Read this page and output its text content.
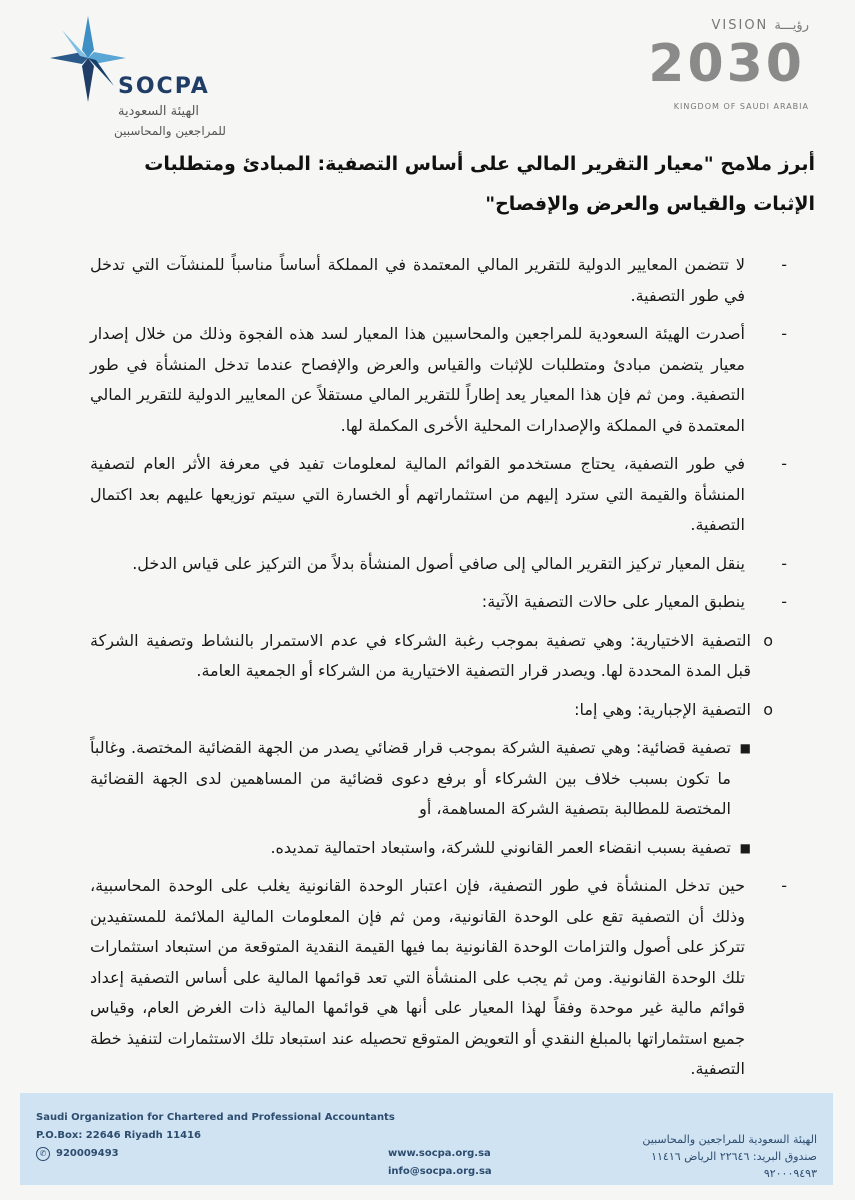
SOCPA
الهيئة السعودية
للمراجعين والمحاسبين
VISION رؤيـــة
2030
KINGDOM OF SAUDI ARABIA
أبرز ملامح "معيار التقرير المالي على أساس التصفية: المبادئ ومتطلبات الإثبات والقياس والعرض والإفصاح"
-
لا تتضمن المعايير الدولية للتقرير المالي المعتمدة في المملكة أساساً مناسباً للمنشآت التي تدخل في طور التصفية.
-
أصدرت الهيئة السعودية للمراجعين والمحاسبين هذا المعيار لسد هذه الفجوة وذلك من خلال إصدار معيار يتضمن مبادئ ومتطلبات للإثبات والقياس والعرض والإفصاح عندما تدخل المنشأة في طور التصفية. ومن ثم فإن هذا المعيار يعد إطاراً للتقرير المالي مستقلاً عن المعايير الدولية للتقرير المالي المعتمدة في المملكة والإصدارات المحلية الأخرى المكملة لها.
-
في طور التصفية، يحتاج مستخدمو القوائم المالية لمعلومات تفيد في معرفة الأثر العام لتصفية المنشأة والقيمة التي سترد إليهم من استثماراتهم أو الخسارة التي سيتم توزيعها عليهم بعد اكتمال التصفية.
-
ينقل المعيار تركيز التقرير المالي إلى صافي أصول المنشأة بدلاً من التركيز على قياس الدخل.
-
ينطبق المعيار على حالات التصفية الآتية:
o
التصفية الاختيارية: وهي تصفية بموجب رغبة الشركاء في عدم الاستمرار بالنشاط وتصفية الشركة قبل المدة المحددة لها. ويصدر قرار التصفية الاختيارية من الشركاء أو الجمعية العامة.
o
التصفية الإجبارية: وهي إما:
■
تصفية قضائية: وهي تصفية الشركة بموجب قرار قضائي يصدر من الجهة القضائية المختصة. وغالباً ما تكون بسبب خلاف بين الشركاء أو برفع دعوى قضائية من المساهمين لدى الجهة القضائية المختصة للمطالبة بتصفية الشركة المساهمة، أو
■
تصفية بسبب انقضاء العمر القانوني للشركة، واستبعاد احتمالية تمديده.
-
حين تدخل المنشأة في طور التصفية، فإن اعتبار الوحدة القانونية يغلب على الوحدة المحاسبية، وذلك أن التصفية تقع على الوحدة القانونية، ومن ثم فإن المعلومات المالية الملائمة للمستفيدين تتركز على أصول والتزامات الوحدة القانونية بما فيها القيمة النقدية المتوقعة من استبعاد استثمارات تلك الوحدة القانونية. ومن ثم يجب على المنشأة التي تعد قوائمها المالية على أساس التصفية إعداد قوائم مالية غير موحدة وفقاً لهذا المعيار على أنها هي قوائمها المالية ذات الغرض العام، وقياس جميع استثماراتها بالمبلغ النقدي أو التعويض المتوقع تحصيله عند استبعاد تلك الاستثمارات لتنفيذ خطة التصفية.
Saudi Organization for Chartered and Professional Accountants
P.O.Box: 22646 Riyadh 11416
✆ 920009493	www.socpa.org.sa
info@socpa.org.sa
الهيئة السعودية للمراجعين والمحاسبين
صندوق البريد: ٢٢٦٤٦ الرياض ١١٤١٦
٩٢٠٠٠٩٤٩٣
